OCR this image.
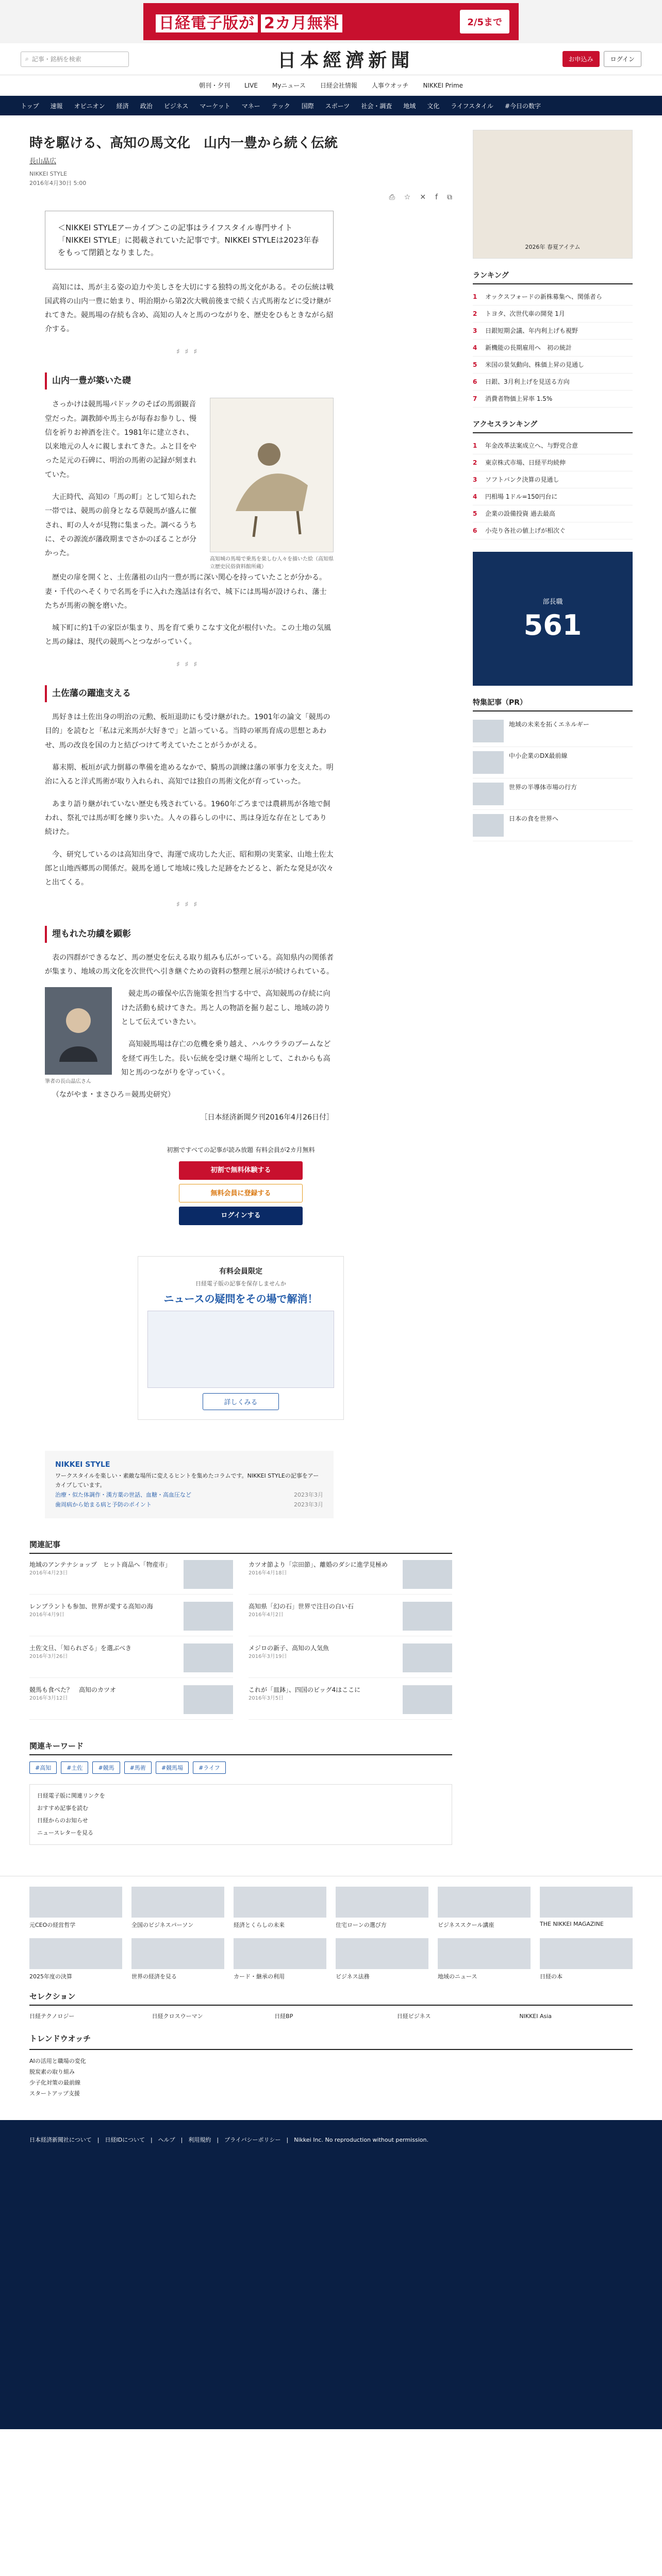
日経電子版が 2カ月無料	2/5まで
⌕ 記事・銘柄を検索	日本經濟新聞	お申込み	ログイン
朝刊・夕刊 LIVE Myニュース 日経会社情報 人事ウオッチ NIKKEI Prime
トップ 速報 オピニオン 経済 政治 ビジネス マーケット マネー テック 国際 スポーツ 社会・調査 地域 文化 ライフスタイル #今日の数字
時を駆ける、高知の馬文化　山内一豊から続く伝統
長山晶広
NIKKEI STYLE
2016年4月30日 5:00
⎙ ☆ ✕ f ⧉
＜NIKKEI STYLEアーカイブ＞この記事はライフスタイル専門サイト「NIKKEI STYLE」に掲載されていた記事です。NIKKEI STYLEは2023年春をもって閉鎖となりました。

高知には、馬が主る姿の迫力や美しさを大切にする独特の馬文化がある。その伝統は戦国武将の山内一豊に始まり、明治期から第2次大戦前後まで続く古式馬術などに受け継がれてきた。競馬場の存続も含め、高知の人々と馬のつながりを、歴史をひもときながら紹介する。

♯♯♯
山内一豊が築いた礎

さっかけは競馬場パドックのそばの馬頭観音堂だった。調教師や馬主らが毎春お参りし、慢信を祈りお神酒を注ぐ。1981年に建立され、以来地元の人々に親しまれてきた。ふと目をやった足元の石碑に、明治の馬術の記録が刻まれていた。

大正時代、高知の「馬の町」として知られた一帯では、競馬の前身となる草競馬が盛んに催され、町の人々が見物に集まった。調べるうちに、その源流が藩政期までさかのぼることが分かった。

高知城の馬場で乗馬を楽しむ人々を描いた絵（高知県立歴史民俗資料館所蔵）

歴史の扉を開くと、土佐藩祖の山内一豊が馬に深い関心を持っていたことが分かる。妻・千代のへそくりで名馬を手に入れた逸話は有名で、城下には馬場が設けられ、藩士たちが馬術の腕を磨いた。

城下町に約1千の家臣が集まり、馬を育て乗りこなす文化が根付いた。この土地の気風と馬の縁は、現代の競馬へとつながっていく。

♯♯♯
土佐藩の躍進支える

馬好きは土佐出身の明治の元勲、板垣退助にも受け継がれた。1901年の論文「競馬の目的」を読むと「私は元来馬が大好きで」と語っている。当時の軍馬育成の思想とあわせ、馬の改良を国の力と結びつけて考えていたことがうかがえる。

幕末期、板垣が武力倒幕の準備を進めるなかで、騎馬の訓練は藩の軍事力を支えた。明治に入ると洋式馬術が取り入れられ、高知では独自の馬術文化が育っていった。

あまり語り継がれていない歴史も残されている。1960年ごろまでは農耕馬が各地で飼われ、祭礼では馬が町を練り歩いた。人々の暮らしの中に、馬は身近な存在としてあり続けた。

今、研究しているのは高知出身で、海運で成功した大正、昭和期の実業家、山地土佐太郎と山地西郷馬の関係だ。競馬を通して地域に残した足跡をたどると、新たな発見が次々と出てくる。

♯♯♯
埋もれた功績を顕彰

表の四群ができるなど、馬の歴史を伝える取り組みも広がっている。高知県内の関係者が集まり、地域の馬文化を次世代へ引き継ぐための資料の整理と展示が続けられている。

筆者の長山晶広さん

競走馬の確保や広告施策を担当する中で、高知競馬の存続に向けた活動も続けてきた。馬と人の物語を掘り起こし、地域の誇りとして伝えていきたい。

高知競馬場は存亡の危機を乗り越え、ハルウララのブームなどを経て再生した。長い伝統を受け継ぐ場所として、これからも高知と馬のつながりを守っていく。

（ながやま・まさひろ＝競馬史研究）

［日本経済新聞夕刊2016年4月26日付］
初割ですべての記事が読み放題 有料会員が2カ月無料
初割で無料体験する
無料会員に登録する
ログインする
有料会員限定
日経電子版の記事を保存しませんか
ニュースの疑問をその場で解消！
詳しくみる
NIKKEI STYLE
ワークスタイルを楽しい・素敵な場所に変えるヒントを集めたコラムです。NIKKEI STYLEの記事をアーカイブしています。
治療・似た体調作・漢方薬の世話、血糖・高血圧など	2023年3月
歯周病から始まる病と予防のポイント	2023年3月
関連記事
地域のアンテナショップ　ヒット商品へ「物産市」
2016年4月23日
カツオ節より「宗田節」、離婚のダシに進学見極め
2016年4月18日
レンブラントも参加、世界が愛する高知の海
2016年4月9日
高知県「幻の石」世界で注目の白い石
2016年4月2日
土佐文旦、「知られざる」を選ぶべき
2016年3月26日
メジロの新子、高知の人気魚
2016年3月19日
競馬も食べた？　高知のカツオ
2016年3月12日
これが「皿鉢」、四国のビッグ4はここに
2016年3月5日
関連キーワード
#高知	#土佐	#競馬	#馬術	#競馬場	#ライフ
日経電子版に関連リンクを
おすすめ記事を読む
日経からのお知らせ
ニュースレターを見る
2026年 春夏アイテム
ランキング
1	オックスフォードの新株募集へ、関係者ら
2	トヨタ、次世代車の開発 1月
3	日銀短期会議、年内利上げも視野
4	新機能の長期雇用へ　初の統計
5	米国の景気動向、株価上昇の見通し
6	日銀、3月利上げを見送る方向
7	消費者物価上昇率 1.5%
アクセスランキング
1	年金改革法案成立へ、与野党合意
2	東京株式市場、日経平均続伸
3	ソフトバンク決算の見通し
4	円相場 1ドル=150円台に
5	企業の設備投資 過去最高
6	小売り各社の値上げが相次ぐ
部長職
561
特集記事（PR）
地域の未来を拓くエネルギー
中小企業のDX最前線
世界の半導体市場の行方
日本の食を世界へ
元CEOの経営哲学	全国のビジネスパーソン	経済とくらしの未来	住宅ローンの選び方	ビジネススクール講座	THE NIKKEI MAGAZINE
2025年度の決算	世界の経済を見る	カード・継承の利用	ビジネス法務	地域のニュース	日経の本
セレクション
日経テクノロジー	日経クロスウーマン	日経BP	日経ビジネス	NIKKEI Asia
トレンドウオッチ
AIの活用と職場の変化
脱炭素の取り組み
少子化対策の最前線
スタートアップ支援
日本経済新聞社について　|　日経IDについて　|　ヘルプ　|　利用規約　|　プライバシーポリシー　|　Nikkei Inc. No reproduction without permission.
